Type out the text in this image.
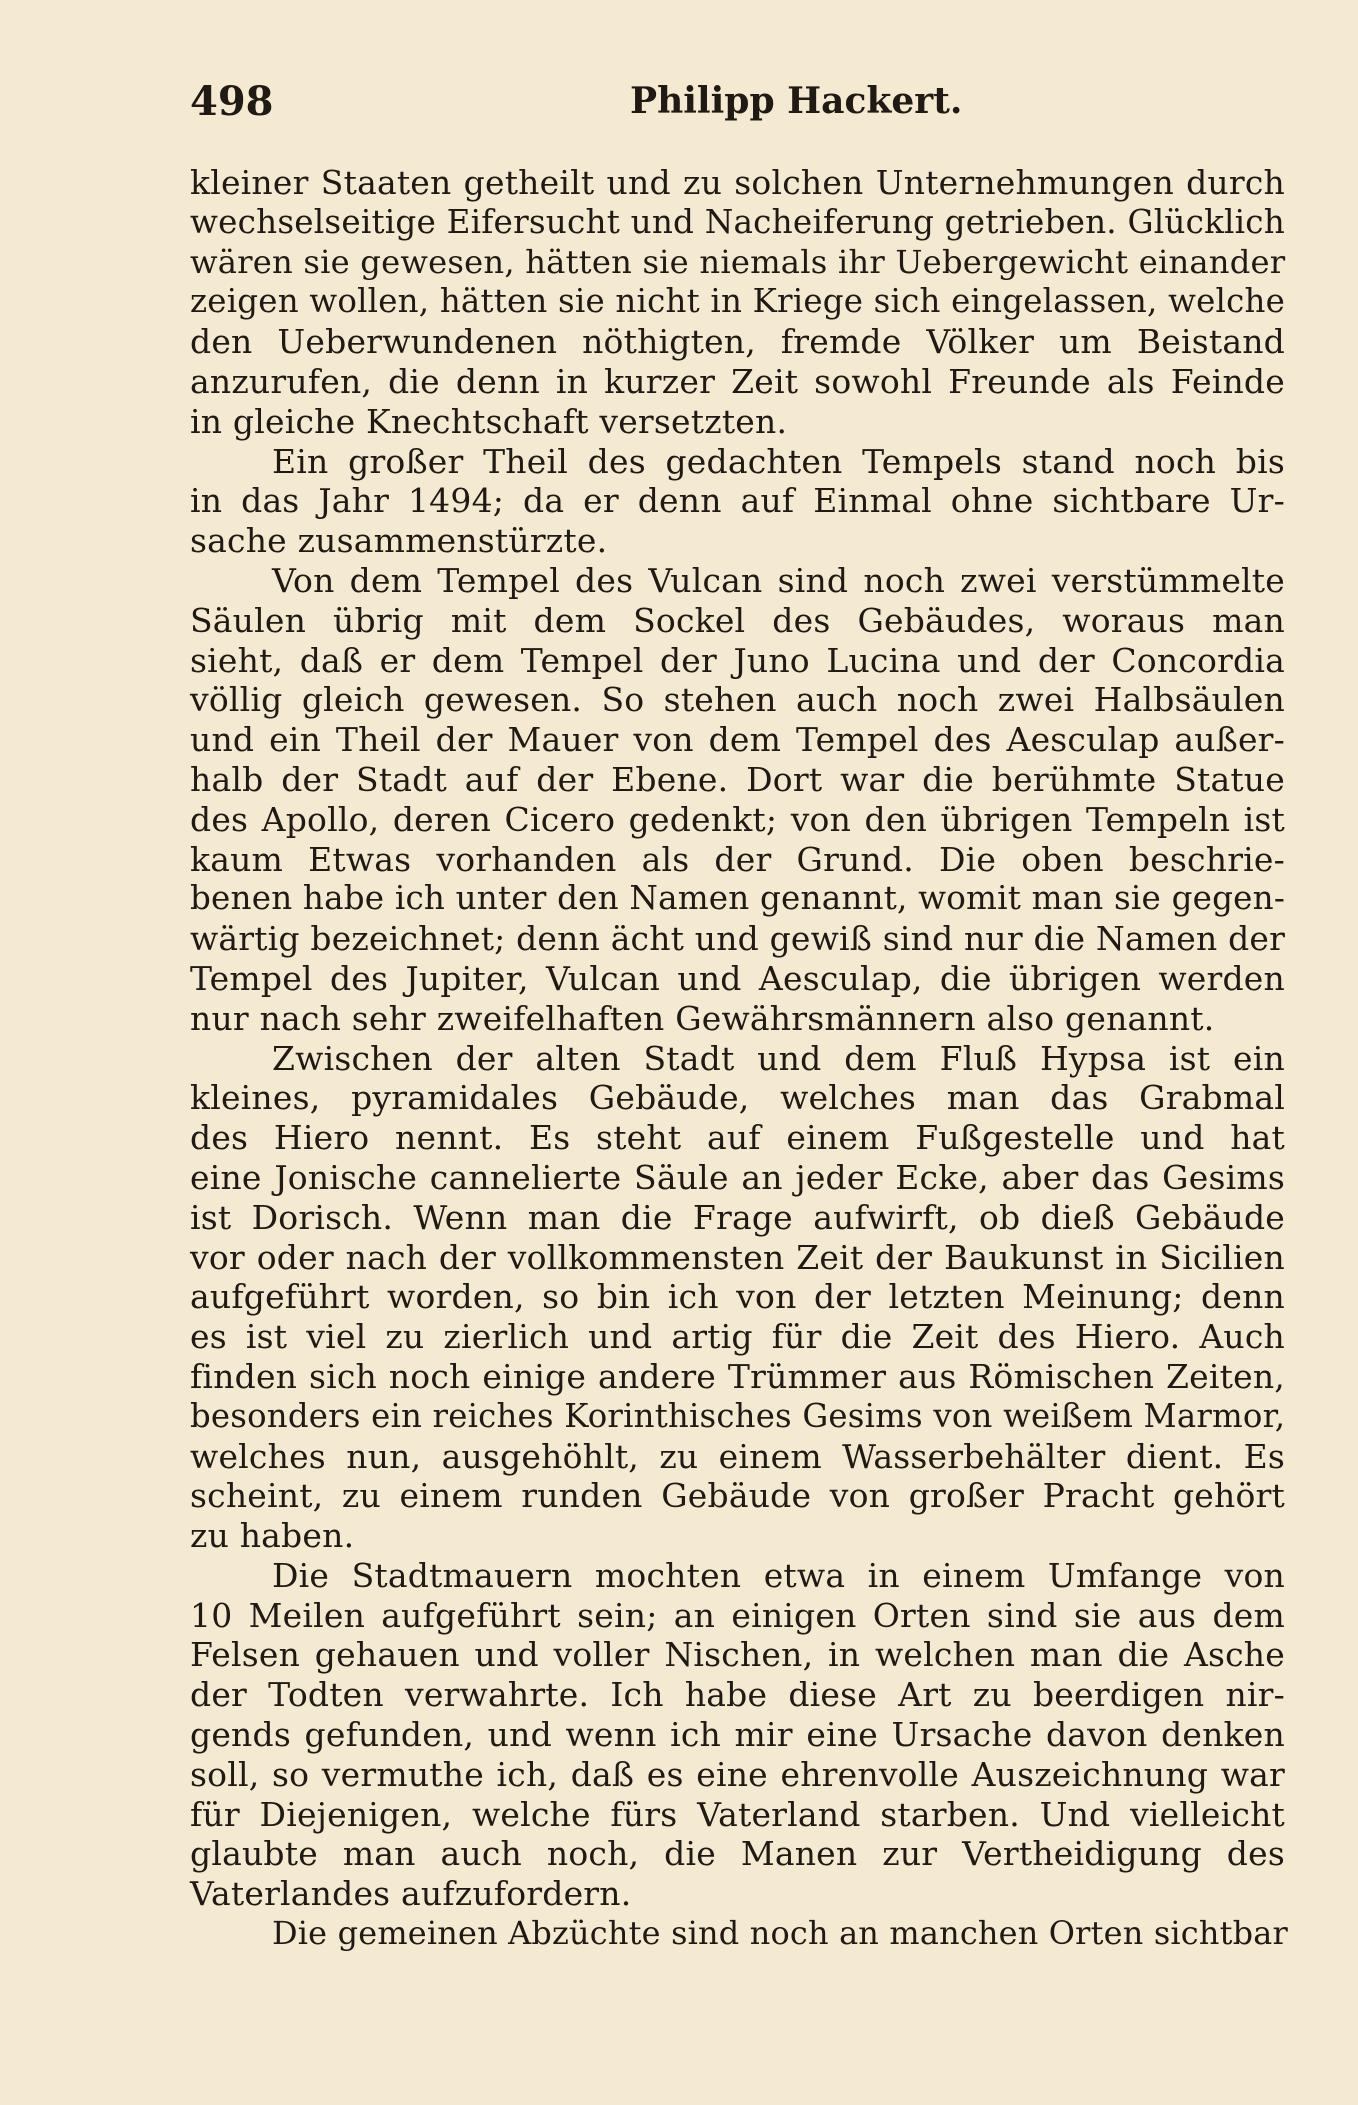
498	Philipp Hackert.
kleiner Staaten getheilt und zu solchen Unternehmungen durch
wechselseitige Eifersucht und Nacheiferung getrieben. Glücklich
wären sie gewesen, hätten sie niemals ihr Uebergewicht einander
zeigen wollen, hätten sie nicht in Kriege sich eingelassen, welche
den Ueberwundenen nöthigten, fremde Völker um Beistand
anzurufen, die denn in kurzer Zeit sowohl Freunde als Feinde
in gleiche Knechtschaft versetzten.
Ein großer Theil des gedachten Tempels stand noch bis
in das Jahr 1494; da er denn auf Einmal ohne sichtbare Ur-
sache zusammenstürzte.
Von dem Tempel des Vulcan sind noch zwei verstümmelte
Säulen übrig mit dem Sockel des Gebäudes, woraus man
sieht, daß er dem Tempel der Juno Lucina und der Concordia
völlig gleich gewesen. So stehen auch noch zwei Halbsäulen
und ein Theil der Mauer von dem Tempel des Aesculap außer-
halb der Stadt auf der Ebene. Dort war die berühmte Statue
des Apollo, deren Cicero gedenkt; von den übrigen Tempeln ist
kaum Etwas vorhanden als der Grund. Die oben beschrie-
benen habe ich unter den Namen genannt, womit man sie gegen-
wärtig bezeichnet; denn ächt und gewiß sind nur die Namen der
Tempel des Jupiter, Vulcan und Aesculap, die übrigen werden
nur nach sehr zweifelhaften Gewährsmännern also genannt.
Zwischen der alten Stadt und dem Fluß Hypsa ist ein
kleines, pyramidales Gebäude, welches man das Grabmal
des Hiero nennt. Es steht auf einem Fußgestelle und hat
eine Jonische cannelierte Säule an jeder Ecke, aber das Gesims
ist Dorisch. Wenn man die Frage aufwirft, ob dieß Gebäude
vor oder nach der vollkommensten Zeit der Baukunst in Sicilien
aufgeführt worden, so bin ich von der letzten Meinung; denn
es ist viel zu zierlich und artig für die Zeit des Hiero. Auch
finden sich noch einige andere Trümmer aus Römischen Zeiten,
besonders ein reiches Korinthisches Gesims von weißem Marmor,
welches nun, ausgehöhlt, zu einem Wasserbehälter dient. Es
scheint, zu einem runden Gebäude von großer Pracht gehört
zu haben.
Die Stadtmauern mochten etwa in einem Umfange von
10 Meilen aufgeführt sein; an einigen Orten sind sie aus dem
Felsen gehauen und voller Nischen, in welchen man die Asche
der Todten verwahrte. Ich habe diese Art zu beerdigen nir-
gends gefunden, und wenn ich mir eine Ursache davon denken
soll, so vermuthe ich, daß es eine ehrenvolle Auszeichnung war
für Diejenigen, welche fürs Vaterland starben. Und vielleicht
glaubte man auch noch, die Manen zur Vertheidigung des
Vaterlandes aufzufordern.
Die gemeinen Abzüchte sind noch an manchen Orten sichtbar
